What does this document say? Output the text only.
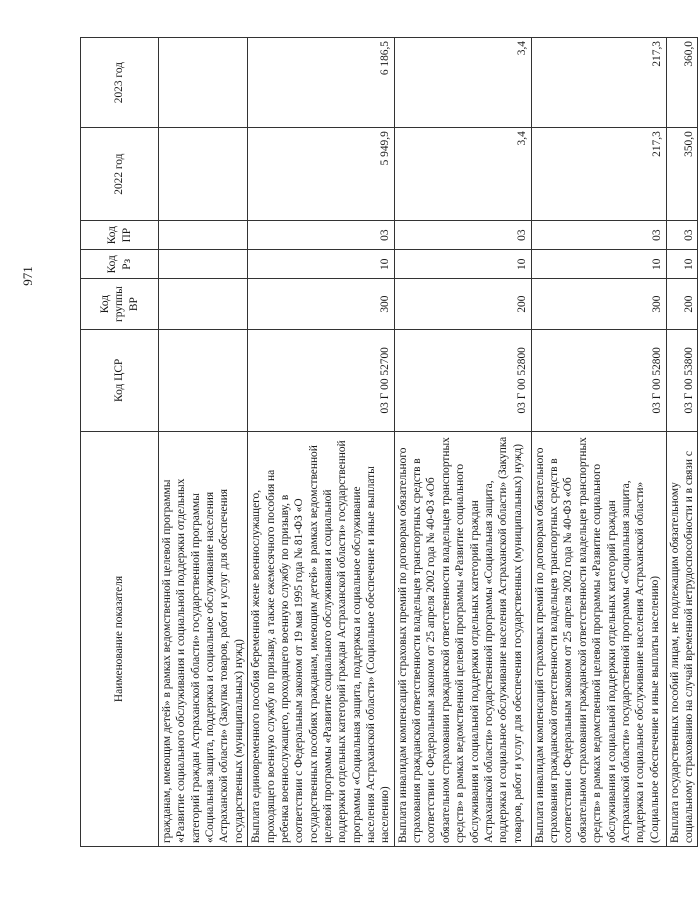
971
Наименование показателя	Код ЦСР	Код группы ВР	Код Рз	Код ПР	2022 год	2023 год
гражданам, имеющим детей» в рамках ведомственной целевой программы «Развитие социального обслуживания и социальной поддержки отдельных категорий граждан Астраханской области» государственной программы «Социальная защита, поддержка и социальное обслуживание населения Астраханской области» (Закупка товаров, работ и услуг для обеспечения государственных (муниципальных) нужд)						
Выплата единовременного пособия беременной жене военнослужащего, проходящего военную службу по призыву, а также ежемесячного пособия на ребенка военнослужащего, проходящего военную службу по призыву, в соответствии с Федеральным законом от 19 мая 1995 года № 81-ФЗ «О государственных пособиях гражданам, имеющим детей» в рамках ведомственной целевой программы «Развитие социального обслуживания и социальной поддержки отдельных категорий граждан Астраханской области» государственной программы «Социальная защита, поддержка и социальное обслуживание населения Астраханской области» (Социальное обеспечение и иные выплаты населению)	03 Г 00 52700	300	10	03	5 949,9	6 186,5
Выплата инвалидам компенсаций страховых премий по договорам обязательного страхования гражданской ответственности владельцев транспортных средств в соответствии с Федеральным законом от 25 апреля 2002 года № 40-ФЗ «Об обязательном страховании гражданской ответственности владельцев транспортных средств» в рамках ведомственной целевой программы «Развитие социального обслуживания и социальной поддержки отдельных категорий граждан Астраханской области» государственной программы «Социальная защита, поддержка и социальное обслуживание населения Астраханской области» (Закупка товаров, работ и услуг для обеспечения государственных (муниципальных) нужд)	03 Г 00 52800	200	10	03	3,4	3,4
Выплата инвалидам компенсаций страховых премий по договорам обязательного страхования гражданской ответственности владельцев транспортных средств в соответствии с Федеральным законом от 25 апреля 2002 года № 40-ФЗ «Об обязательном страховании гражданской ответственности владельцев транспортных средств» в рамках ведомственной целевой программы «Развитие социального обслуживания и социальной поддержки отдельных категорий граждан Астраханской области» государственной программы «Социальная защита, поддержка и социальное обслуживание населения Астраханской области» (Социальное обеспечение и иные выплаты населению)	03 Г 00 52800	300	10	03	217,3	217,3
Выплата государственных пособий лицам, не подлежащим обязательному социальному страхованию на случай временной нетрудоспособности и в связи с	03 Г 00 53800	200	10	03	350,0	360,0
